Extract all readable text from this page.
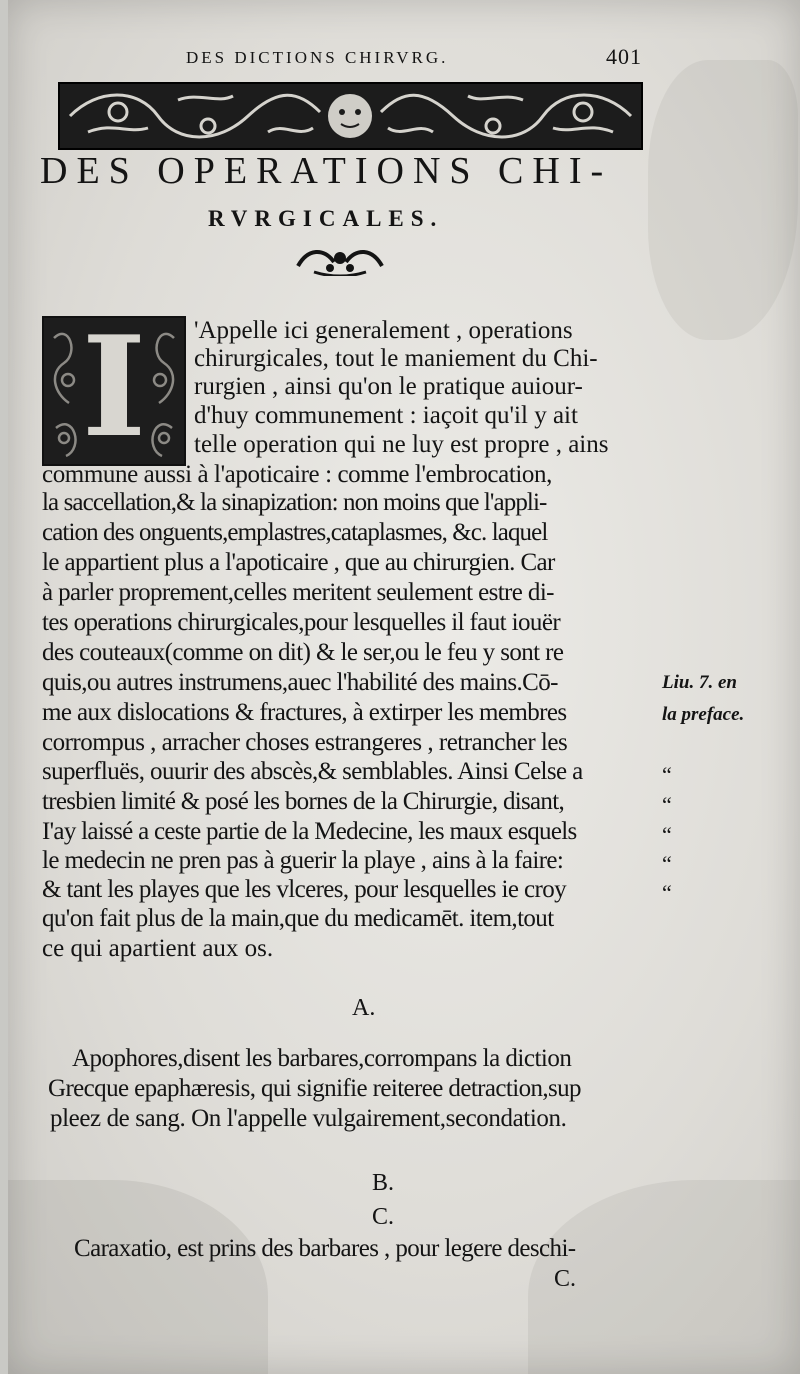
DES DICTIONS CHIRVRG.	401
DES OPERATIONS CHI-
RVRGICALES.
I	'Appelle ici generalement , operations
chirurgicales, tout le maniement du Chi-
rurgien , ainsi qu'on le pratique auiour-
d'huy communement : iaçoit qu'il y ait
telle operation qui ne luy est propre , ains
commune aussi à l'apoticaire : comme l'embrocation,
la saccellation,& la sinapization: non moins que l'appli-
cation des onguents,emplastres,cataplasmes, &c. laquel
le appartient plus a l'apoticaire , que au chirurgien. Car
à parler proprement,celles meritent seulement estre di-
tes operations chirurgicales,pour lesquelles il faut iouër
des couteaux(comme on dit) & le ser,ou le feu y sont re
quis,ou autres instrumens,auec l'habilité des mains.Cō-
me aux dislocations & fractures, à extirper les membres
corrompus , arracher choses estrangeres , retrancher les
superfluës, ouurir des abscès,& semblables. Ainsi Celse a
tresbien limité & posé les bornes de la Chirurgie, disant,
I'ay laissé a ceste partie de la Medecine, les maux esquels
le medecin ne pren pas à guerir la playe , ains à la faire:
& tant les playes que les vlceres, pour lesquelles ie croy
qu'on fait plus de la main,que du medicamēt. item,tout
ce qui apartient aux os.
Liu. 7. en
la preface.
“
“
“
“
“
A.
Apophores,disent les barbares,corrompans la diction
Grecque epaphæresis, qui signifie reiteree detraction,sup
pleez de sang. On l'appelle vulgairement,secondation.
B.
C.
Caraxatio, est prins des barbares , pour legere deschi-
C.
